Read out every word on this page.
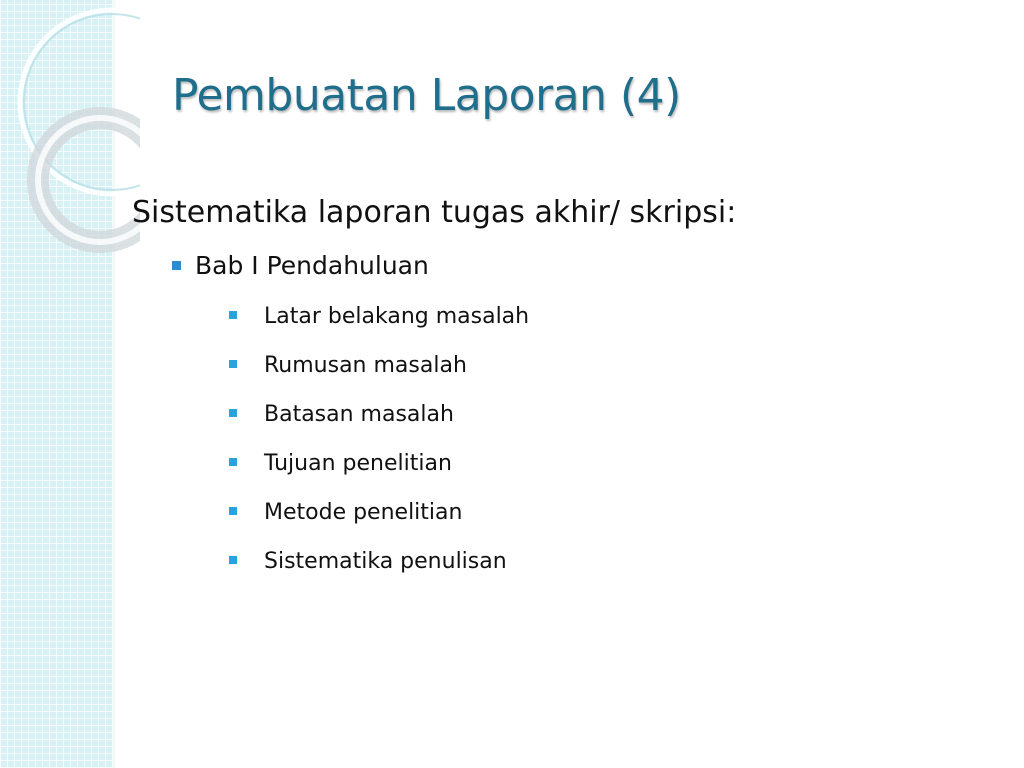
Pembuatan Laporan (4)
Sistematika laporan tugas akhir/ skripsi:
Bab I Pendahuluan
Latar belakang masalah
Rumusan masalah
Batasan masalah
Tujuan penelitian
Metode penelitian
Sistematika penulisan
